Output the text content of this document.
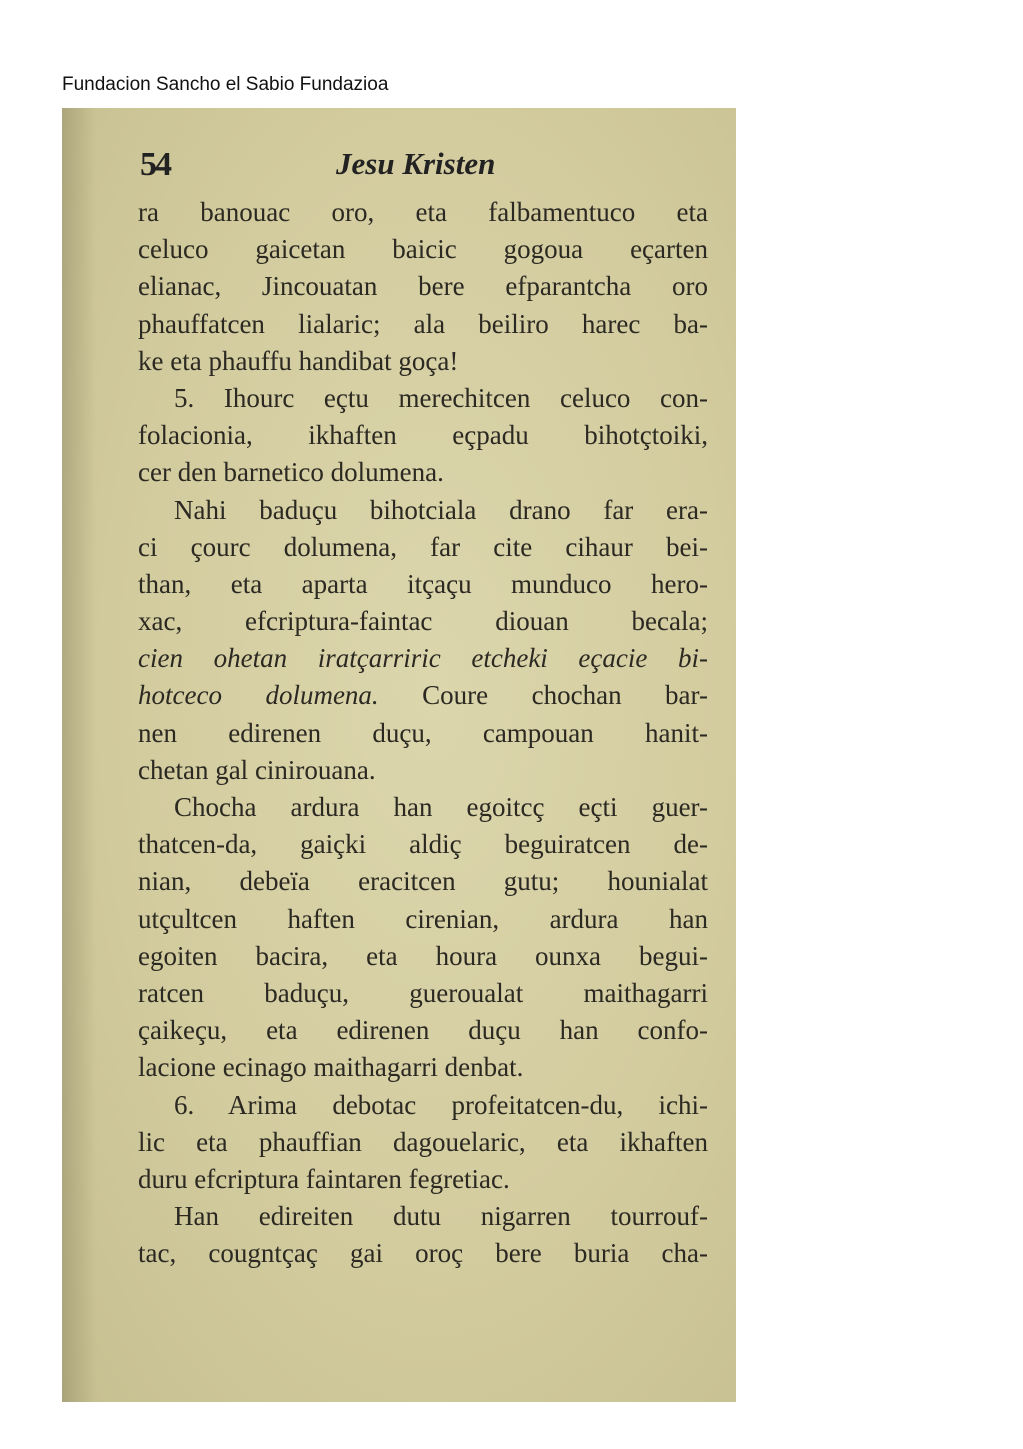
Fundacion Sancho el Sabio Fundazioa
54	Jesu Kristen
ra banouac oro, eta falbamentuco eta
celuco gaicetan baicic gogoua eçarten
elianac, Jincouatan bere efparantcha oro
phauffatcen lialaric; ala beiliro harec ba-
ke eta phauffu handibat goça!
5. Ihourc eçtu merechitcen celuco con-
folacionia, ikhaften eçpadu bihotçtoiki,
cer den barnetico dolumena.
Nahi baduçu bihotciala drano far era-
ci çourc dolumena, far cite cihaur bei-
than, eta aparta itçaçu munduco hero-
xac, efcriptura-faintac diouan becala;
cien ohetan iratçarriric etcheki eçacie bi-
hotceco dolumena. Coure chochan bar-
nen edirenen duçu, campouan hanit-
chetan gal cinirouana.
Chocha ardura han egoitcç eçti guer-
thatcen-da, gaiçki aldiç beguiratcen de-
nian, debeïa eracitcen gutu; hounialat
utçultcen haften cirenian, ardura han
egoiten bacira, eta houra ounxa begui-
ratcen baduçu, gueroualat maithagarri
çaikeçu, eta edirenen duçu han confo-
lacione ecinago maithagarri denbat.
6. Arima debotac profeitatcen-du, ichi-
lic eta phauffian dagouelaric, eta ikhaften
duru efcriptura faintaren fegretiac.
Han edireiten dutu nigarren tourrouf-
tac, cougntçaç gai oroç bere buria cha-
